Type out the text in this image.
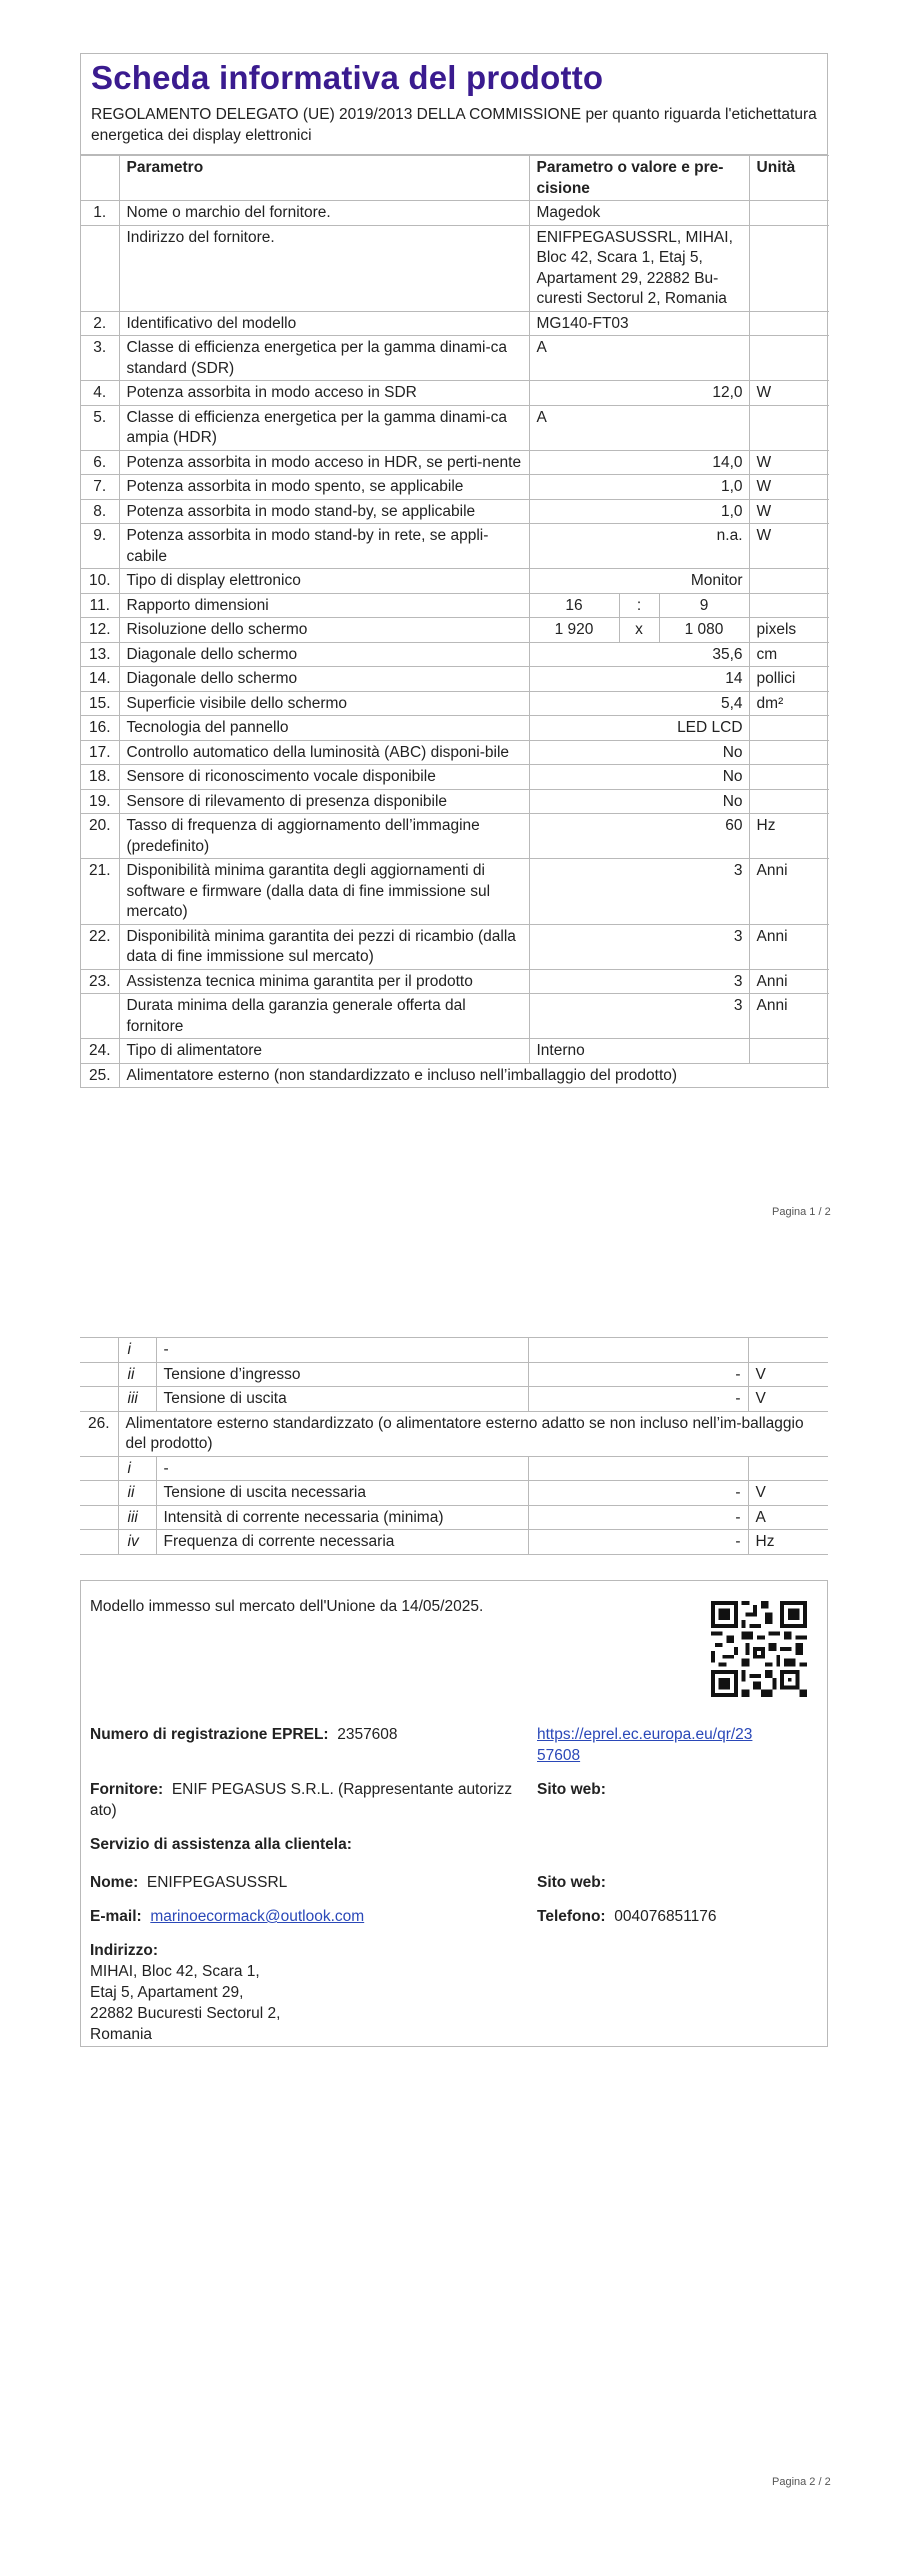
Scheda informativa del prodotto

REGOLAMENTO DELEGATO (UE) 2019/2013 DELLA COMMISSIONE per quanto riguarda l'etichettatura energetica dei display elettronici

	Parametro	Parametro o valore e pre-cisione			Unità
1.	Nome o marchio del fornitore.	Magedok			
	Indirizzo del fornitore.	ENIFPEGASUSSRL, MIHAI, Bloc 42, Scara 1, Etaj 5, Apartament 29, 22882 Bu-curesti Sectorul 2, Romania			
2.	Identificativo del modello	MG140-FT03			
3.	Classe di efficienza energetica per la gamma dinami-ca standard (SDR)	A			
4.	Potenza assorbita in modo acceso in SDR	12,0			W
5.	Classe di efficienza energetica per la gamma dinami-ca ampia (HDR)	A			
6.	Potenza assorbita in modo acceso in HDR, se perti-nente	14,0			W
7.	Potenza assorbita in modo spento, se applicabile	1,0			W
8.	Potenza assorbita in modo stand-by, se applicabile	1,0			W
9.	Potenza assorbita in modo stand-by in rete, se appli-cabile	n.a.			W
10.	Tipo di display elettronico	Monitor			
11.	Rapporto dimensioni	16	:	9	
12.	Risoluzione dello schermo	1 920	x	1 080	pixels
13.	Diagonale dello schermo	35,6			cm
14.	Diagonale dello schermo	14			pollici
15.	Superficie visibile dello schermo	5,4			dm²
16.	Tecnologia del pannello	LED LCD			
17.	Controllo automatico della luminosità (ABC) disponi-bile	No			
18.	Sensore di riconoscimento vocale disponibile	No			
19.	Sensore di rilevamento di presenza disponibile	No			
20.	Tasso di frequenza di aggiornamento dell’immagine (predefinito)	60			Hz
21.	Disponibilità minima garantita degli aggiornamenti di software e firmware (dalla data di fine immissione sul mercato)	3			Anni
22.	Disponibilità minima garantita dei pezzi di ricambio (dalla data di fine immissione sul mercato)	3			Anni
23.	Assistenza tecnica minima garantita per il prodotto	3			Anni
	Durata minima della garanzia generale offerta dal fornitore	3			Anni
24.	Tipo di alimentatore	Interno			
25.	Alimentatore esterno (non standardizzato e incluso nell’imballaggio del prodotto)				
Pagina 1 / 2
	i	-		
	ii	Tensione d’ingresso	-	V
	iii	Tensione di uscita	-	V
26.	Alimentatore esterno standardizzato (o alimentatore esterno adatto se non incluso nell’im-ballaggio del prodotto)			
	i	-		
	ii	Tensione di uscita necessaria	-	V
	iii	Intensità di corrente necessaria (minima)	-	A
	iv	Frequenza di corrente necessaria	-	Hz
Modello immesso sul mercato dell'Unione da 14/05/2025.
Numero di registrazione EPREL: 2357608	https://eprel.ec.europa.eu/qr/23
57608
Fornitore: ENIF PEGASUS S.R.L. (Rappresentante autorizz
ato)
Sito web:
Servizio di assistenza alla clientela:
Nome: ENIFPEGASUSSRL	Sito web:
E-mail: marinoecormack@outlook.com	Telefono: 004076851176
Indirizzo:
MIHAI, Bloc 42, Scara 1,
Etaj 5, Apartament 29,
22882 Bucuresti Sectorul 2,
Romania
Pagina 2 / 2
